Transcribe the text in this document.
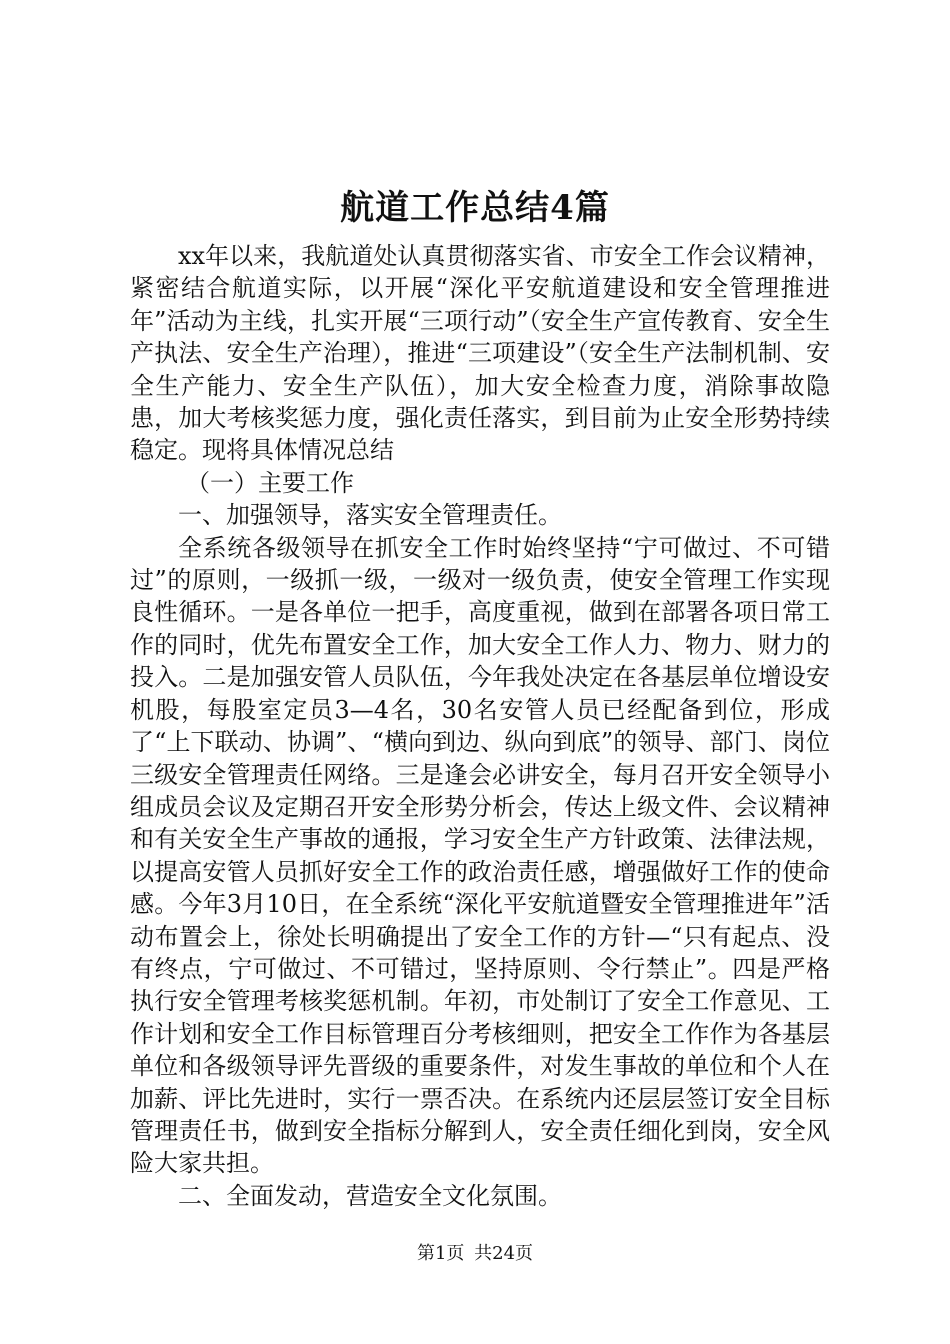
航道工作总结4篇

xx年以来，我航道处认真贯彻落实省、市安全工作会议精神，紧密结合航道实际，以开展“深化平安航道建设和安全管理推进年”活动为主线，扎实开展“三项行动”（安全生产宣传教育、安全生产执法、安全生产治理），推进“三项建设”（安全生产法制机制、安全生产能力、安全生产队伍），加大安全检查力度，消除事故隐患，加大考核奖惩力度，强化责任落实，到目前为止安全形势持续稳定。现将具体情况总结

（一）主要工作

一、加强领导，落实安全管理责任。

全系统各级领导在抓安全工作时始终坚持“宁可做过、不可错过”的原则，一级抓一级，一级对一级负责，使安全管理工作实现良性循环。一是各单位一把手，高度重视，做到在部署各项日常工作的同时，优先布置安全工作，加大安全工作人力、物力、财力的投入。二是加强安管人员队伍，今年我处决定在各基层单位增设安机股，每股室定员3—4名，30名安管人员已经配备到位，形成了“上下联动、协调”、“横向到边、纵向到底”的领导、部门、岗位三级安全管理责任网络。三是逢会必讲安全，每月召开安全领导小组成员会议及定期召开安全形势分析会，传达上级文件、会议精神和有关安全生产事故的通报，学习安全生产方针政策、法律法规，以提高安管人员抓好安全工作的政治责任感，增强做好工作的使命感。今年3月10日，在全系统“深化平安航道暨安全管理推进年”活动布置会上，徐处长明确提出了安全工作的方针—“只有起点、没有终点，宁可做过、不可错过，坚持原则、令行禁止”。四是严格执行安全管理考核奖惩机制。年初，市处制订了安全工作意见、工作计划和安全工作目标管理百分考核细则，把安全工作作为各基层单位和各级领导评先晋级的重要条件，对发生事故的单位和个人在加薪、评比先进时，实行一票否决。在系统内还层层签订安全目标管理责任书，做到安全指标分解到人，安全责任细化到岗，安全风险大家共担。

二、全面发动，营造安全文化氛围。

第1页 共24页
